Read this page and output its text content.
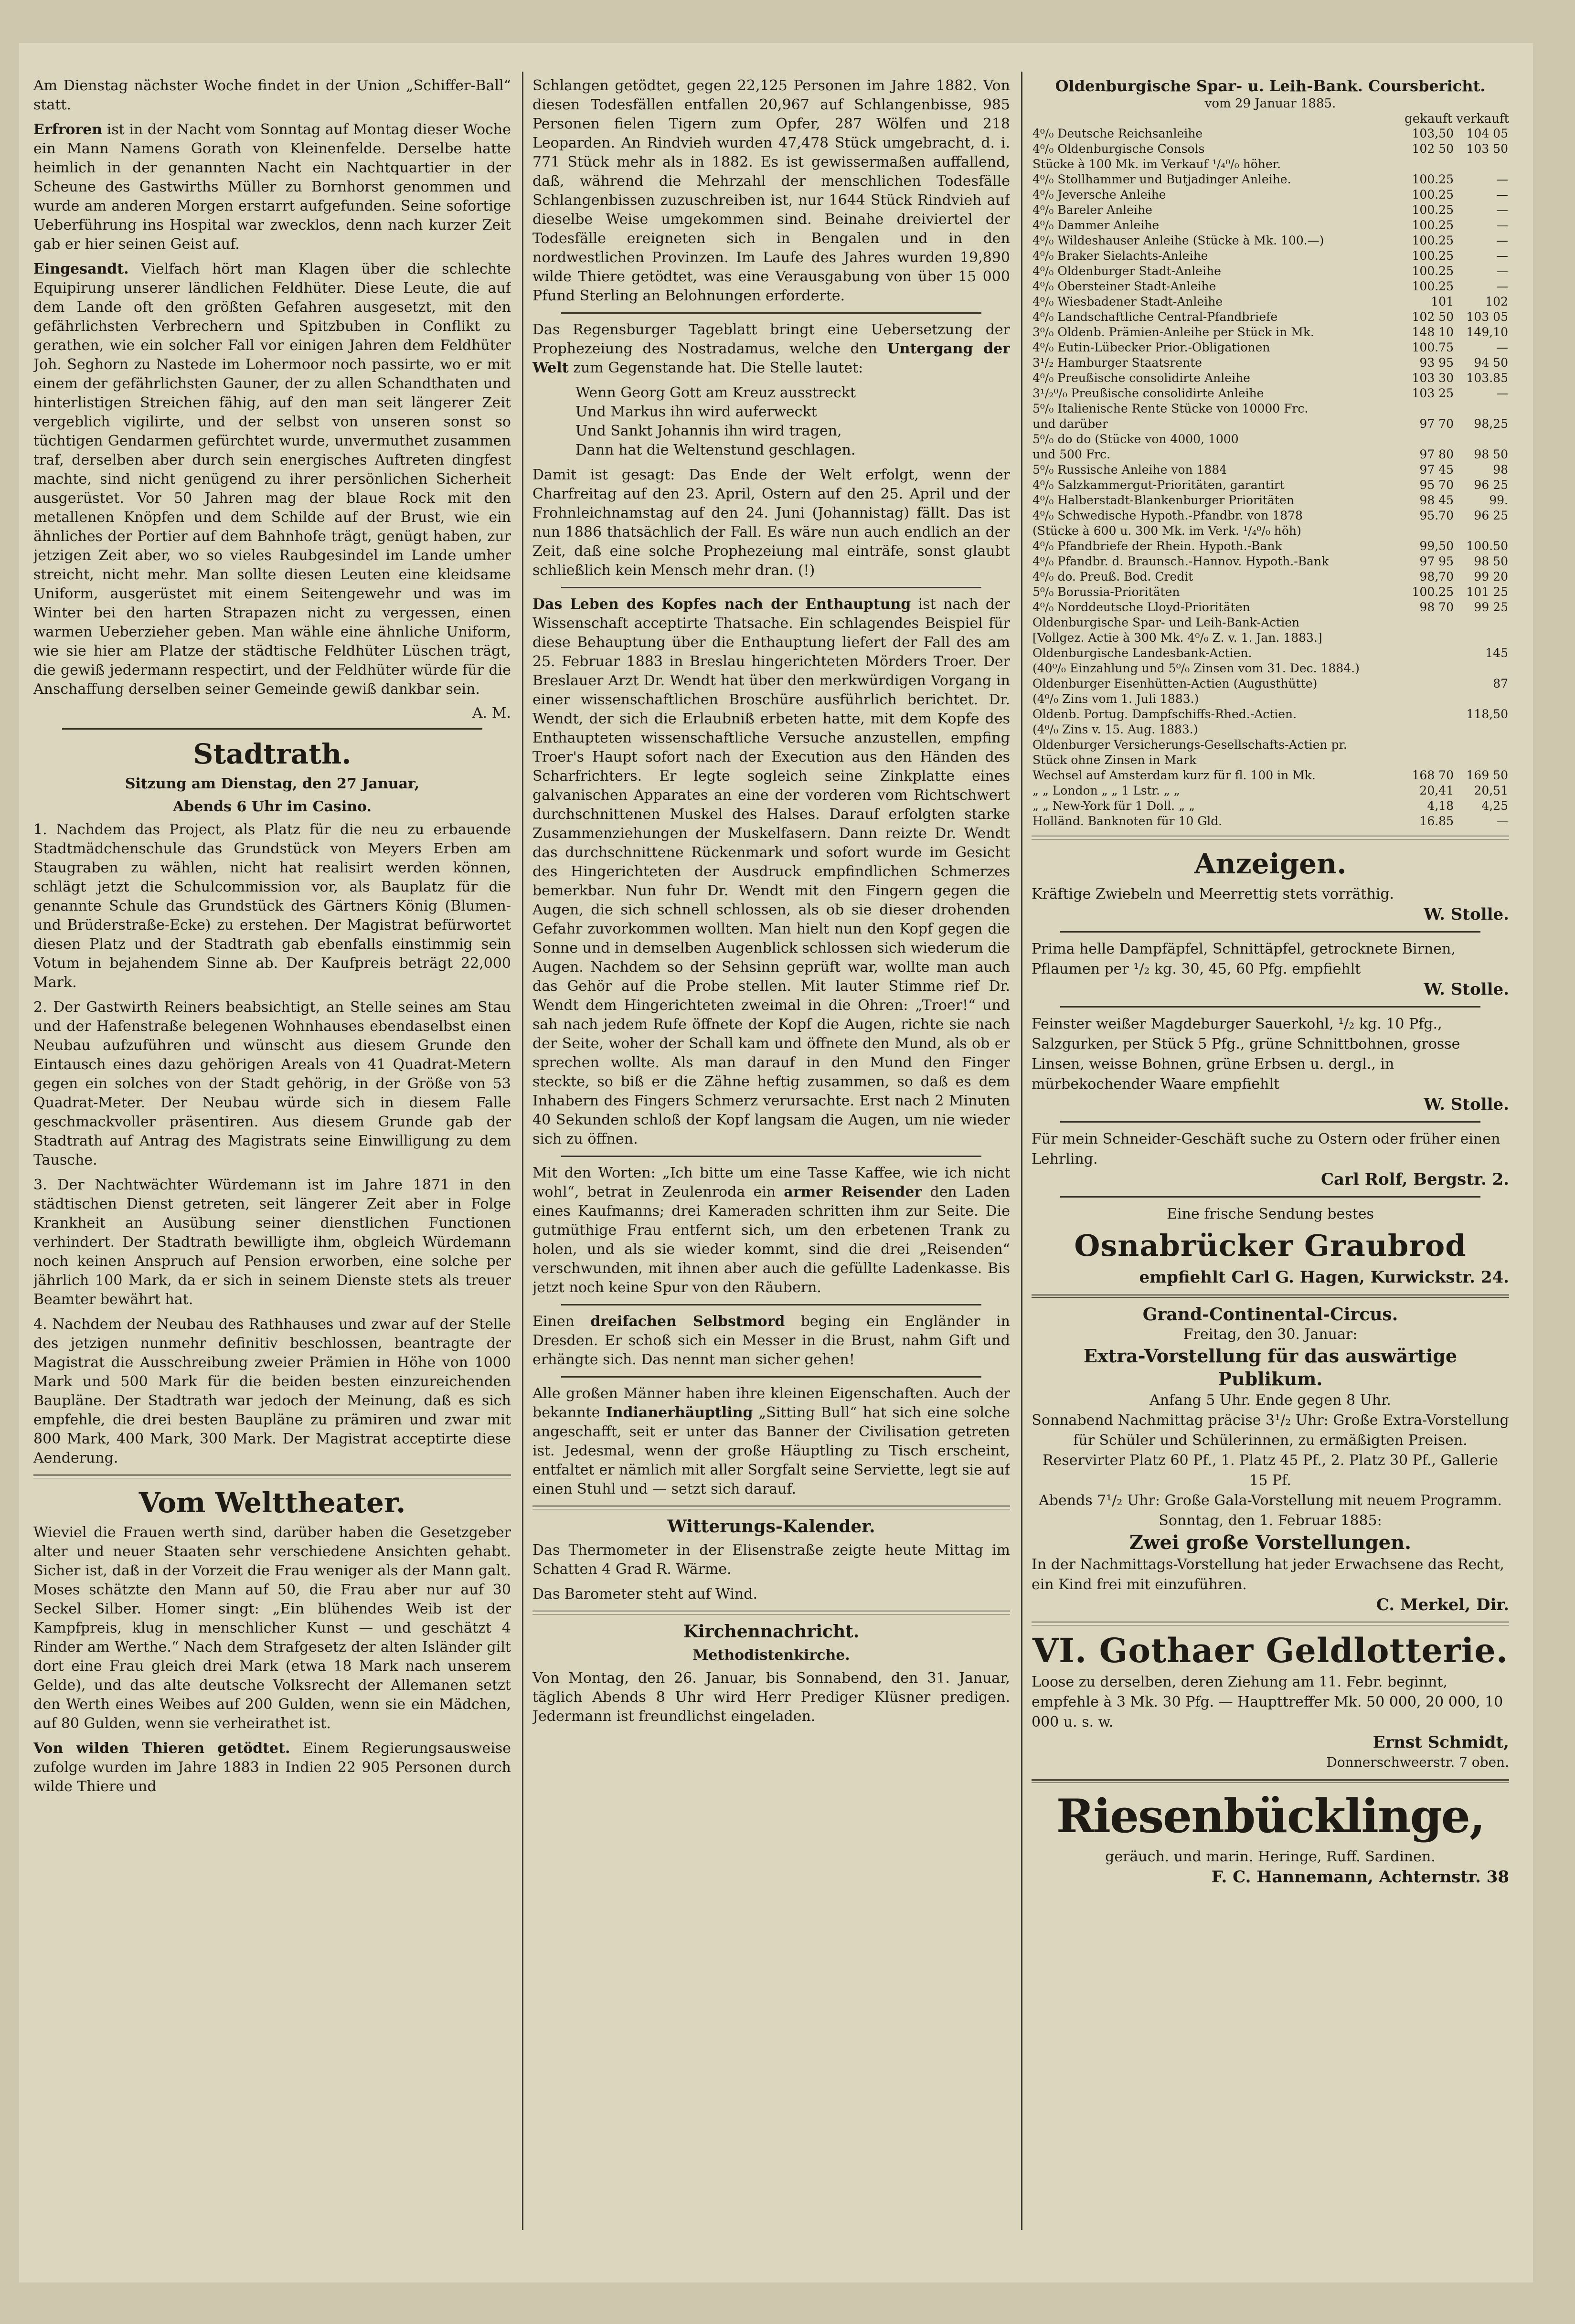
Am Dienstag nächster Woche findet in der Union „Schiffer-Ball“ statt.

Erfroren ist in der Nacht vom Sonntag auf Montag dieser Woche ein Mann Namens Gorath von Kleinenfelde. Derselbe hatte heimlich in der genannten Nacht ein Nachtquartier in der Scheune des Gastwirths Müller zu Bornhorst genommen und wurde am anderen Morgen erstarrt aufgefunden. Seine sofortige Ueberführung ins Hospital war zwecklos, denn nach kurzer Zeit gab er hier seinen Geist auf.

Eingesandt. Vielfach hört man Klagen über die schlechte Equipirung unserer ländlichen Feldhüter. Diese Leute, die auf dem Lande oft den größten Gefahren ausgesetzt, mit den gefährlichsten Verbrechern und Spitzbuben in Conflikt zu gerathen, wie ein solcher Fall vor einigen Jahren dem Feldhüter Joh. Seghorn zu Nastede im Lohermoor noch passirte, wo er mit einem der gefährlichsten Gauner, der zu allen Schandthaten und hinterlistigen Streichen fähig, auf den man seit längerer Zeit vergeblich vigilirte, und der selbst von unseren sonst so tüchtigen Gendarmen gefürchtet wurde, unvermuthet zusammen traf, derselben aber durch sein energisches Auftreten dingfest machte, sind nicht genügend zu ihrer persönlichen Sicherheit ausgerüstet. Vor 50 Jahren mag der blaue Rock mit den metallenen Knöpfen und dem Schilde auf der Brust, wie ein ähnliches der Portier auf dem Bahnhofe trägt, genügt haben, zur jetzigen Zeit aber, wo so vieles Raubgesindel im Lande umher streicht, nicht mehr. Man sollte diesen Leuten eine kleidsame Uniform, ausgerüstet mit einem Seitengewehr und was im Winter bei den harten Strapazen nicht zu vergessen, einen warmen Ueberzieher geben. Man wähle eine ähnliche Uniform, wie sie hier am Platze der städtische Feldhüter Lüschen trägt, die gewiß jedermann respectirt, und der Feldhüter würde für die Anschaffung derselben seiner Gemeinde gewiß dankbar sein.

A. M.
Stadtrath.
Sitzung am Dienstag, den 27 Januar,
Abends 6 Uhr im Casino.

1. Nachdem das Project, als Platz für die neu zu erbauende Stadtmädchenschule das Grundstück von Meyers Erben am Staugraben zu wählen, nicht hat realisirt werden können, schlägt jetzt die Schulcommission vor, als Bauplatz für die genannte Schule das Grundstück des Gärtners König (Blumen- und Brüderstraße-Ecke) zu erstehen. Der Magistrat befürwortet diesen Platz und der Stadtrath gab ebenfalls einstimmig sein Votum in bejahendem Sinne ab. Der Kaufpreis beträgt 22,000 Mark.

2. Der Gastwirth Reiners beabsichtigt, an Stelle seines am Stau und der Hafenstraße belegenen Wohnhauses ebendaselbst einen Neubau aufzuführen und wünscht aus diesem Grunde den Eintausch eines dazu gehörigen Areals von 41 Quadrat-Metern gegen ein solches von der Stadt gehörig, in der Größe von 53 Quadrat-Meter. Der Neubau würde sich in diesem Falle geschmackvoller präsentiren. Aus diesem Grunde gab der Stadtrath auf Antrag des Magistrats seine Einwilligung zu dem Tausche.

3. Der Nachtwächter Würdemann ist im Jahre 1871 in den städtischen Dienst getreten, seit längerer Zeit aber in Folge Krankheit an Ausübung seiner dienstlichen Functionen verhindert. Der Stadtrath bewilligte ihm, obgleich Würdemann noch keinen Anspruch auf Pension erworben, eine solche per jährlich 100 Mark, da er sich in seinem Dienste stets als treuer Beamter bewährt hat.

4. Nachdem der Neubau des Rathhauses und zwar auf der Stelle des jetzigen nunmehr definitiv beschlossen, beantragte der Magistrat die Ausschreibung zweier Prämien in Höhe von 1000 Mark und 500 Mark für die beiden besten einzureichenden Baupläne. Der Stadtrath war jedoch der Meinung, daß es sich empfehle, die drei besten Baupläne zu prämiren und zwar mit 800 Mark, 400 Mark, 300 Mark. Der Magistrat acceptirte diese Aenderung.

Vom Welttheater.

Wieviel die Frauen werth sind, darüber haben die Gesetzgeber alter und neuer Staaten sehr verschiedene Ansichten gehabt. Sicher ist, daß in der Vorzeit die Frau weniger als der Mann galt. Moses schätzte den Mann auf 50, die Frau aber nur auf 30 Seckel Silber. Homer singt: „Ein blühendes Weib ist der Kampfpreis, klug in menschlicher Kunst — und geschätzt 4 Rinder am Werthe.“ Nach dem Strafgesetz der alten Isländer gilt dort eine Frau gleich drei Mark (etwa 18 Mark nach unserem Gelde), und das alte deutsche Volksrecht der Allemanen setzt den Werth eines Weibes auf 200 Gulden, wenn sie ein Mädchen, auf 80 Gulden, wenn sie verheirathet ist.

Von wilden Thieren getödtet. Einem Regierungsausweise zufolge wurden im Jahre 1883 in Indien 22 905 Personen durch wilde Thiere und

Schlangen getödtet, gegen 22,125 Personen im Jahre 1882. Von diesen Todesfällen entfallen 20,967 auf Schlangenbisse, 985 Personen fielen Tigern zum Opfer, 287 Wölfen und 218 Leoparden. An Rindvieh wurden 47,478 Stück umgebracht, d. i. 771 Stück mehr als in 1882. Es ist gewissermaßen auffallend, daß, während die Mehrzahl der menschlichen Todesfälle Schlangenbissen zuzuschreiben ist, nur 1644 Stück Rindvieh auf dieselbe Weise umgekommen sind. Beinahe dreiviertel der Todesfälle ereigneten sich in Bengalen und in den nordwestlichen Provinzen. Im Laufe des Jahres wurden 19,890 wilde Thiere getödtet, was eine Verausgabung von über 15 000 Pfund Sterling an Belohnungen erforderte.

Das Regensburger Tageblatt bringt eine Uebersetzung der Prophezeiung des Nostradamus, welche den Untergang der Welt zum Gegenstande hat. Die Stelle lautet:

Wenn Georg Gott am Kreuz ausstreckt
Und Markus ihn wird auferweckt
Und Sankt Johannis ihn wird tragen,
Dann hat die Weltenstund geschlagen.

Damit ist gesagt: Das Ende der Welt erfolgt, wenn der Charfreitag auf den 23. April, Ostern auf den 25. April und der Frohnleichnamstag auf den 24. Juni (Johannistag) fällt. Das ist nun 1886 thatsächlich der Fall. Es wäre nun auch endlich an der Zeit, daß eine solche Prophezeiung mal einträfe, sonst glaubt schließlich kein Mensch mehr dran. (!)

Das Leben des Kopfes nach der Enthauptung ist nach der Wissenschaft acceptirte Thatsache. Ein schlagendes Beispiel für diese Behauptung über die Enthauptung liefert der Fall des am 25. Februar 1883 in Breslau hingerichteten Mörders Troer. Der Breslauer Arzt Dr. Wendt hat über den merkwürdigen Vorgang in einer wissenschaftlichen Broschüre ausführlich berichtet. Dr. Wendt, der sich die Erlaubniß erbeten hatte, mit dem Kopfe des Enthaupteten wissenschaftliche Versuche anzustellen, empfing Troer's Haupt sofort nach der Execution aus den Händen des Scharfrichters. Er legte sogleich seine Zinkplatte eines galvanischen Apparates an eine der vorderen vom Richtschwert durchschnittenen Muskel des Halses. Darauf erfolgten starke Zusammenziehungen der Muskelfasern. Dann reizte Dr. Wendt das durchschnittene Rückenmark und sofort wurde im Gesicht des Hingerichteten der Ausdruck empfindlichen Schmerzes bemerkbar. Nun fuhr Dr. Wendt mit den Fingern gegen die Augen, die sich schnell schlossen, als ob sie dieser drohenden Gefahr zuvorkommen wollten. Man hielt nun den Kopf gegen die Sonne und in demselben Augenblick schlossen sich wiederum die Augen. Nachdem so der Sehsinn geprüft war, wollte man auch das Gehör auf die Probe stellen. Mit lauter Stimme rief Dr. Wendt dem Hingerichteten zweimal in die Ohren: „Troer!“ und sah nach jedem Rufe öffnete der Kopf die Augen, richte sie nach der Seite, woher der Schall kam und öffnete den Mund, als ob er sprechen wollte. Als man darauf in den Mund den Finger steckte, so biß er die Zähne heftig zusammen, so daß es dem Inhabern des Fingers Schmerz verursachte. Erst nach 2 Minuten 40 Sekunden schloß der Kopf langsam die Augen, um nie wieder sich zu öffnen.

Mit den Worten: „Ich bitte um eine Tasse Kaffee, wie ich nicht wohl“, betrat in Zeulenroda ein armer Reisender den Laden eines Kaufmanns; drei Kameraden schritten ihm zur Seite. Die gutmüthige Frau entfernt sich, um den erbetenen Trank zu holen, und als sie wieder kommt, sind die drei „Reisenden“ verschwunden, mit ihnen aber auch die gefüllte Ladenkasse. Bis jetzt noch keine Spur von den Räubern.

Einen dreifachen Selbstmord beging ein Engländer in Dresden. Er schoß sich ein Messer in die Brust, nahm Gift und erhängte sich. Das nennt man sicher gehen!

Alle großen Männer haben ihre kleinen Eigenschaften. Auch der bekannte Indianerhäuptling „Sitting Bull“ hat sich eine solche angeschafft, seit er unter das Banner der Civilisation getreten ist. Jedesmal, wenn der große Häuptling zu Tisch erscheint, entfaltet er nämlich mit aller Sorgfalt seine Serviette, legt sie auf einen Stuhl und — setzt sich darauf.

Witterungs-Kalender.

Das Thermometer in der Elisenstraße zeigte heute Mittag im Schatten 4 Grad R. Wärme.

Das Barometer steht auf Wind.

Kirchennachricht.
Methodistenkirche.

Von Montag, den 26. Januar, bis Sonnabend, den 31. Januar, täglich Abends 8 Uhr wird Herr Prediger Klüsner predigen. Jedermann ist freundlichst eingeladen.

Oldenburgische Spar- u. Leih-Bank. Coursbericht.
vom 29 Januar 1885.
gekauft verkauft
4⁰/₀ Deutsche Reichsanleihe	103,50	104 05
4⁰/₀ Oldenburgische Consols	102 50	103 50
Stücke à 100 Mk. im Verkauf ¹/₄⁰/₀ höher.		
4⁰/₀ Stollhammer und Butjadinger Anleihe.	100.25	—
4⁰/₀ Jeversche Anleihe	100.25	—
4⁰/₀ Bareler Anleihe	100.25	—
4⁰/₀ Dammer Anleihe	100.25	—
4⁰/₀ Wildeshauser Anleihe (Stücke à Mk. 100.—)	100.25	—
4⁰/₀ Braker Sielachts-Anleihe	100.25	—
4⁰/₀ Oldenburger Stadt-Anleihe	100.25	—
4⁰/₀ Obersteiner Stadt-Anleihe	100.25	—
4⁰/₀ Wiesbadener Stadt-Anleihe	101	102
4⁰/₀ Landschaftliche Central-Pfandbriefe	102 50	103 05
3⁰/₀ Oldenb. Prämien-Anleihe per Stück in Mk.	148 10	149,10
4⁰/₀ Eutin-Lübecker Prior.-Obligationen	100.75	—
3¹/₂ Hamburger Staatsrente	93 95	94 50
4⁰/₀ Preußische consolidirte Anleihe	103 30	103.85
3¹/₂⁰/₀ Preußische consolidirte Anleihe	103 25	—
5⁰/₀ Italienische Rente Stücke von 10000 Frc.		
und darüber	97 70	98,25
5⁰/₀ do do (Stücke von 4000, 1000		
und 500 Frc.	97 80	98 50
5⁰/₀ Russische Anleihe von 1884	97 45	98
4⁰/₀ Salzkammergut-Prioritäten, garantirt	95 70	96 25
4⁰/₀ Halberstadt-Blankenburger Prioritäten	98 45	99.
4⁰/₀ Schwedische Hypoth.-Pfandbr. von 1878	95.70	96 25
(Stücke à 600 u. 300 Mk. im Verk. ¹/₄⁰/₀ höh)		
4⁰/₀ Pfandbriefe der Rhein. Hypoth.-Bank	99,50	100.50
4⁰/₀ Pfandbr. d. Braunsch.-Hannov. Hypoth.-Bank	97 95	98 50
4⁰/₀ do. Preuß. Bod. Credit	98,70	99 20
5⁰/₀ Borussia-Prioritäten	100.25	101 25
4⁰/₀ Norddeutsche Lloyd-Prioritäten	98 70	99 25
Oldenburgische Spar- und Leih-Bank-Actien		
[Vollgez. Actie à 300 Mk. 4⁰/₀ Z. v. 1. Jan. 1883.]		
Oldenburgische Landesbank-Actien.		145
(40⁰/₀ Einzahlung und 5⁰/₀ Zinsen vom 31. Dec. 1884.)		
Oldenburger Eisenhütten-Actien (Augusthütte)		87
(4⁰/₀ Zins vom 1. Juli 1883.)		
Oldenb. Portug. Dampfschiffs-Rhed.-Actien.		118,50
(4⁰/₀ Zins v. 15. Aug. 1883.)		
Oldenburger Versicherungs-Gesellschafts-Actien pr.		
Stück ohne Zinsen in Mark		
Wechsel auf Amsterdam kurz für fl. 100 in Mk.	168 70	169 50
„ „ London „ „ 1 Lstr. „ „	20,41	20,51
„ „ New-York für 1 Doll. „ „	4,18	4,25
Holländ. Banknoten für 10 Gld.	16.85	—
Anzeigen.
Kräftige Zwiebeln und Meerrettig stets vorräthig.
W. Stolle.
Prima helle Dampfäpfel, Schnittäpfel, getrocknete Birnen, Pflaumen per ¹/₂ kg. 30, 45, 60 Pfg. empfiehlt
W. Stolle.
Feinster weißer Magdeburger Sauerkohl, ¹/₂ kg. 10 Pfg., Salzgurken, per Stück 5 Pfg., grüne Schnittbohnen, grosse Linsen, weisse Bohnen, grüne Erbsen u. dergl., in mürbekochender Waare empfiehlt
W. Stolle.
Für mein Schneider-Geschäft suche zu Ostern oder früher einen Lehrling.
Carl Rolf, Bergstr. 2.
Eine frische Sendung bestes
Osnabrücker Graubrod
empfiehlt Carl G. Hagen, Kurwickstr. 24.
Grand-Continental-Circus.
Freitag, den 30. Januar:
Extra-Vorstellung für das auswärtige Publikum.
Anfang 5 Uhr. Ende gegen 8 Uhr.
Sonnabend Nachmittag präcise 3¹/₂ Uhr: Große Extra-Vorstellung für Schüler und Schülerinnen, zu ermäßigten Preisen.
Reservirter Platz 60 Pf., 1. Platz 45 Pf., 2. Platz 30 Pf., Gallerie 15 Pf.
Abends 7¹/₂ Uhr: Große Gala-Vorstellung mit neuem Programm.
Sonntag, den 1. Februar 1885:
Zwei große Vorstellungen.
In der Nachmittags-Vorstellung hat jeder Erwachsene das Recht, ein Kind frei mit einzuführen.
C. Merkel, Dir.
VI. Gothaer Geldlotterie.
Loose zu derselben, deren Ziehung am 11. Febr. beginnt, empfehle à 3 Mk. 30 Pfg. — Haupttreffer Mk. 50 000, 20 000, 10 000 u. s. w.
Ernst Schmidt,
Donnerschweerstr. 7 oben.
Riesenbücklinge,
geräuch. und marin. Heringe, Ruff. Sardinen.
F. C. Hannemann, Achternstr. 38
